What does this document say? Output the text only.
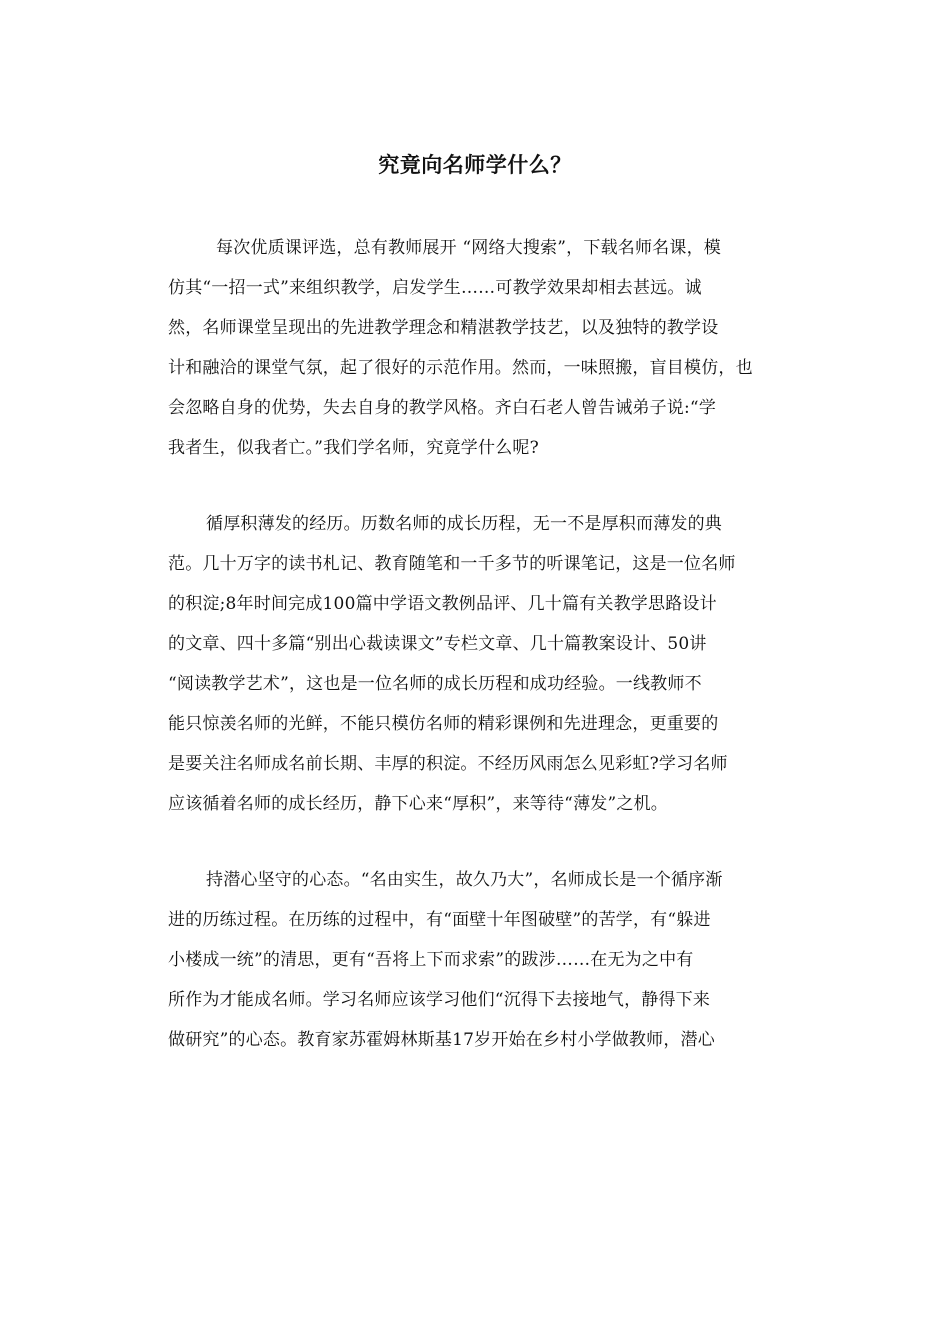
究竟向名师学什么？
每次优质课评选，总有教师展开 “网络大搜索”，下载名师名课，模
仿其“一招一式”来组织教学，启发学生……可教学效果却相去甚远。诚
然，名师课堂呈现出的先进教学理念和精湛教学技艺，以及独特的教学设
计和融洽的课堂气氛，起了很好的示范作用。然而，一味照搬，盲目模仿，也
会忽略自身的优势，失去自身的教学风格。齐白石老人曾告诫弟子说:“学
我者生，似我者亡。”我们学名师，究竟学什么呢?
循厚积薄发的经历。历数名师的成长历程，无一不是厚积而薄发的典
范。几十万字的读书札记、教育随笔和一千多节的听课笔记，这是一位名师
的积淀;8年时间完成100篇中学语文教例品评、几十篇有关教学思路设计
的文章、四十多篇“别出心裁读课文”专栏文章、几十篇教案设计、50讲
“阅读教学艺术”，这也是一位名师的成长历程和成功经验。一线教师不
能只惊羡名师的光鲜，不能只模仿名师的精彩课例和先进理念，更重要的
是要关注名师成名前长期、丰厚的积淀。不经历风雨怎么见彩虹?学习名师
应该循着名师的成长经历，静下心来“厚积”，来等待“薄发”之机。
持潜心坚守的心态。“名由实生，故久乃大”，名师成长是一个循序渐
进的历练过程。在历练的过程中，有“面壁十年图破壁”的苦学，有“躲进
小楼成一统”的清思，更有“吾将上下而求索”的跋涉……在无为之中有
所作为才能成名师。学习名师应该学习他们“沉得下去接地气，静得下来
做研究”的心态。教育家苏霍姆林斯基17岁开始在乡村小学做教师，潜心
